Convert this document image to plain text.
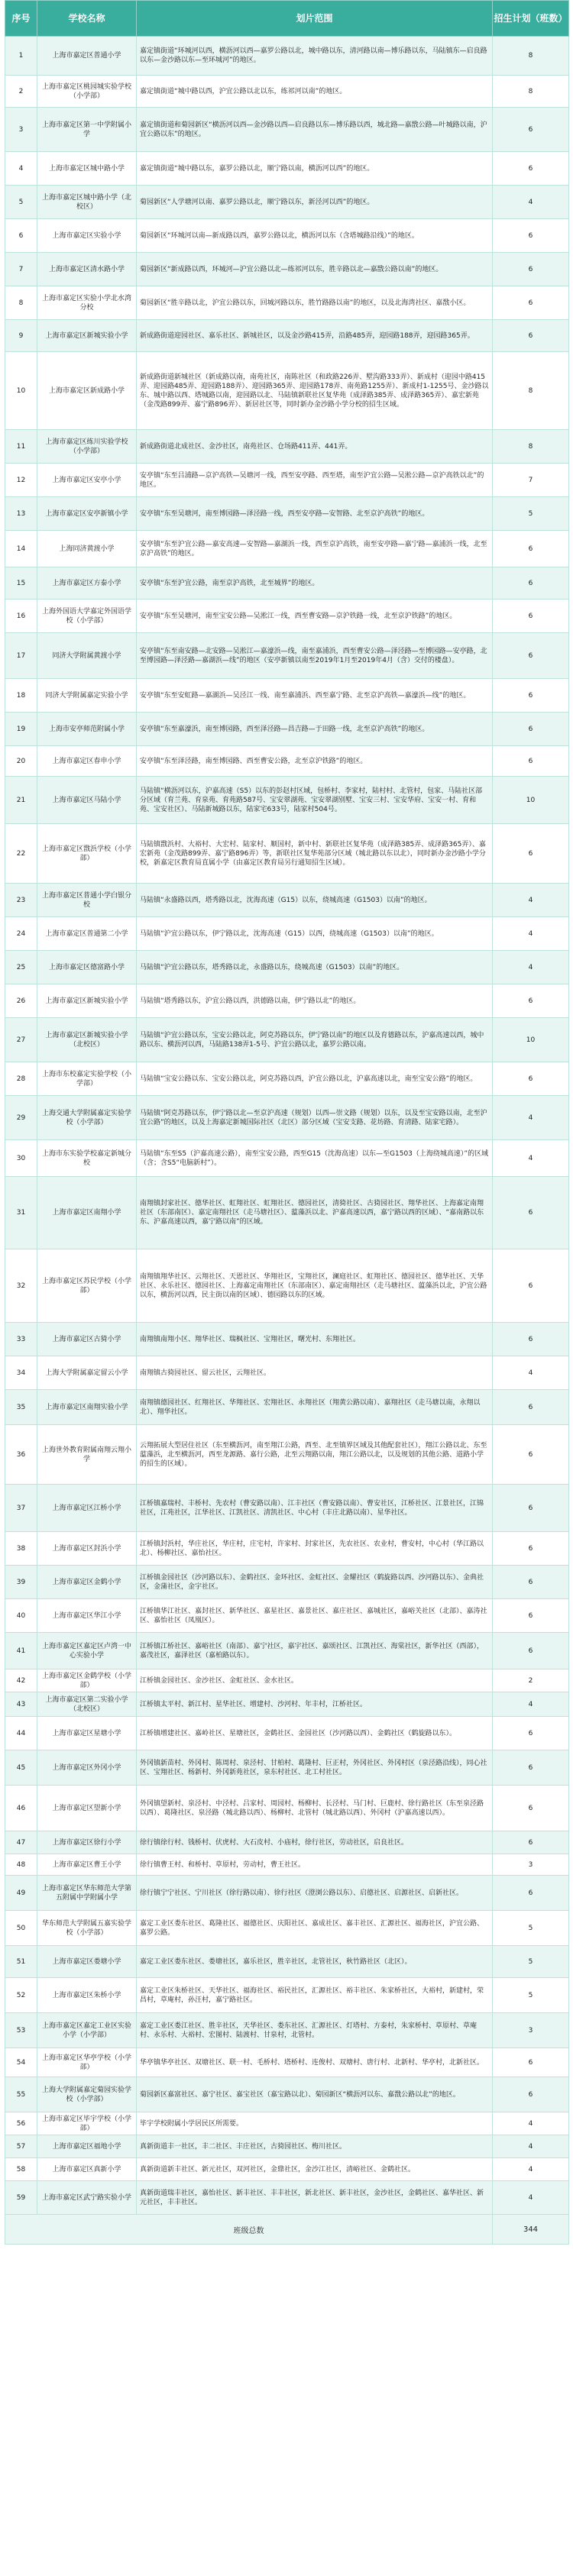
序号	学校名称	划片范围	招生计划（班数）
1	上海市嘉定区普通小学	嘉定镇街道“环城河以西，横沥河以西—嘉罗公路以北，城中路以东，清河路以南—博乐路以东，马陆镇东—启良路以东—金沙路以东—至环城河”的地区。	8
2	上海市嘉定区桃园城实验学校（小学部）	嘉定镇街道“城中路以西，沪宜公路以北以东，练祁河以南”的地区。	8
3	上海市嘉定区第一中学附属小学	嘉定镇街道和菊园新区“横沥河以西—金沙路以西—启良路以东—博乐路以西，城北路—嘉戬公路—叶城路以南，沪宜公路以东”的地区。	6
4	上海市嘉定区城中路小学	嘉定镇街道“城中路以东，嘉罗公路以北，顺宁路以南，横沥河以西”的地区。	6
5	上海市嘉定区城中路小学（北校区）	菊园新区“人学塘河以南、嘉罗公路以北，顺宁路以东，新泾河以西”的地区。	4
6	上海市嘉定区实验小学	菊园新区“环城河以南—新成路以西，嘉罗公路以北，横沥河以东（含塔城路沿线）”的地区。	6
7	上海市嘉定区清水路小学	菊园新区“新成路以西，环城河—沪宜公路以北—练祁河以东，胜辛路以北—嘉戬公路以南”的地区。	6
8	上海市嘉定区实验小学北水湾分校	菊园新区“胜辛路以北，沪宜公路以东，回城河路以东，胜竹路路以南”的地区，以及北海湾社区、嘉戬小区。	6
9	上海市嘉定区新城实验小学	新成路街道迎园社区、嘉乐社区、新城社区，以及金沙路415弄，沿路485弄，迎园路188弄，迎园路365弄。	6
10	上海市嘉定区新成路小学	新成路街道新城社区（新成路以南，南苑社区，南陈社区（和政路226弄、墅沟路333弄）、新成村（迎园中路415弄、迎园路485弄、迎园路188弄）、迎园路365弄、迎园路178弄、南苑路1255弄）、新成村1-1255号、金沙路以东、城中路以西、塔城路以南，迎园路以北、马陆镇新联社区复华苑（成泽路385弄、成泽路365弄）、嘉宏新苑（金茂路899弄、嘉宁路896弄）、新居社区等，同时新办金沙路小学分校的招生区域。	8
11	上海市嘉定区练川实验学校（小学部）	新成路街道北成社区、金沙社区，南苑社区、仓场路411弄、441弄。	8
12	上海市嘉定区安亭小学	安亭镇“东至吕浦路—京沪高铁—吴塘河一线，西至安亭路、西至塔，南至沪宜公路—吴淞公路—京沪高铁以北”的地区。	7
13	上海市嘉定区安亭新镇小学	安亭镇“东至吴塘河，南至博园路—泽泾路一线，西至安亭路—安智路、北至京沪高铁”的地区。	5
14	上海同济黄渡小学	安亭镇“东至沪宜公路—嘉安高速—安智路—嘉湖浜一线，西至京沪高铁，南至安亭路—嘉宁路—嘉浦浜一线，北至京沪高铁”的地区。	6
15	上海市嘉定区方泰小学	安亭镇“东至沪宜公路，南至京沪高铁，北至城界”的地区。	6
16	上海外国语大学嘉定外国语学校（小学部）	安亭镇“东至吴塘河，南至宝安公路—吴淞江一线，西至曹安路—京沪铁路一线，北至京沪铁路”的地区。	6
17	同济大学附属黄渡小学	安亭镇“东至南安路—北安路—吴淞江—嘉濠浜—线，南至嘉浦浜，西至曹安公路—泽泾路—至博园路—安亭路，北至博园路—泽泾路—嘉湖浜—线”的地区（安亭新镇以南至2019年1月至2019年4月（含）交付的楼盘）。	6
18	同济大学附属嘉定实验小学	安亭镇“东至安虹路—嘉湖浜—吴泾江一线、南至嘉浦浜、西至嘉宁路、北至京沪高铁—嘉濠浜—线”的地区。	6
19	上海市安亭师范附属小学	安亭镇“东至嘉濠浜，南至博园路，西至泽泾路—昌吉路—于田路一线，北至京沪高铁”的地区。	6
20	上海市嘉定区春申小学	安亭镇“东至泽泾路，南至博园路、西至曹安公路，北至京沪铁路”的地区。	6
21	上海市嘉定区马陆小学	马陆镇“横沥河以东，沪嘉高速（S5）以东的彭赵村区域，包桥村、李家村，陆村村、北管村，包家、马陆社区部分区域（育兰苑、育泉苑、育苑路587号、宝安翠湖苑、宝安翠湖别墅、宝安三村、宝安华府、宝安一村、育和苑、宝安社区）、马陆新城路以东，陆家宅633号，陆家村504号。	10
22	上海市嘉定区戬浜学校（小学部）	马陆镇戬浜村、大裕村、大宏村、陆家村、顺国村，新中村、新联社区复华苑（成泽路385弄、成泽路365弄）、嘉宏新苑（金茂路899弄、嘉宁路896弄）等，新联社区复华苑部分区域（城北路以东以北），同时新办金沙路小学分校，新嘉定区教育局直属小学（由嘉定区教育局另行通知招生区域）。	6
23	上海市嘉定区普通小学白银分校	马陆镇“永盛路以西，塔秀路以北，沈海高速（G15）以东，绕城高速（G1503）以南”的地区。	4
24	上海市嘉定区普通第二小学	马陆镇“沪宜公路以东，伊宁路以北，沈海高速（G15）以西，绕城高速（G1503）以南”的地区。	4
25	上海市嘉定区德富路小学	马陆镇“沪宜公路以东，塔秀路以北，永盛路以东，绕城高速（G1503）以南”的地区。	4
26	上海市嘉定区新城实验小学	马陆镇“塔秀路以东，沪宜公路以西，洪德路以南，伊宁路以北”的地区。	6
27	上海市嘉定区新城实验小学（北校区）	马陆镇“沪宜公路以东，宝安公路以北，阿克苏路以东，伊宁路以南”的地区以及育德路以东，沪嘉高速以西，城中路以东、横沥河以西，马陆路138弄1-5号、沪宜公路以北，嘉罗公路以南。	10
28	上海市东校嘉定实验学校（小学部）	马陆镇“宝安公路以东、宝安公路以北，阿克苏路以西，沪宜公路以北，沪嘉高速以北，南至宝安公路”的地区。	6
29	上海交通大学附属嘉定实验学校（小学部）	马陆镇“阿克苏路以东，伊宁路以北—至京沪高速（规划）以西—崇文路（规划）以东，以及至宝安路以南，北至沪宜公路”的地区，以及上海嘉定新城国际社区（北区）部分区域（宝安支路、花坊路、育清路、陆家宅路）。	4
30	上海市东实验学校嘉定新城分校	马陆镇“东至S5（沪嘉高速公路），南至宝安公路，西至G15（沈海高速）以东—至G1503（上海绕城高速）”的区域（含；含S5“电脑新村”）。	4
31	上海市嘉定区南翔小学	南翔镇封家社区、德华社区、虹翔社区、虹翔社区、德园社区，清猗社区、古猗园社区、翔华社区、上海嘉定南翔社区（东部南区）、嘉定南翔社区（走马塘社区）、蕰藻浜以北、沪嘉高速以西，嘉宁路以西的区域）、“嘉南路以东东、沪嘉高速以西，嘉宁路以南”的区域。	6
32	上海市嘉定区苏民学校（小学部）	南翔镇翔华社区、云翔社区、天恩社区、华翔社区，宝翔社区，澜庭社区、虹翔社区、德园社区、德华社区、天华社区、永乐社区、德园社区、上海嘉定南翔社区（东部南区）、嘉定南翔社区（走马塘社区、蕰藻浜以北，沪宜公路以东，横沥河以西，民主街以南的区域）、德园路以东的区域。	6
33	上海市嘉定区古猗小学	南翔镇南翔小区、翔华社区、瑞枫社区、宝翔社区，曙光村、东翔社区。	6
34	上海大学附属嘉定留云小学	南翔镇古猗园社区、留云社区，云翔社区。	4
35	上海市嘉定区南翔实验小学	南翔镇德园社区、红翔社区、华翔社区、宏翔社区、永翔社区（翔黄公路以南）、嘉翔社区（走马塘以南，永翔以北）、翔华社区。	6
36	上海世外教育附属南翔云翔小学	云翔拓展大型居住社区（东至横沥河，南至翔江公路，西至、北至镇界区域及其他配套社区），翔江公路以北、东至蕰藻浜，北至横沥河，西至龙源路、嘉行公路，北至云翔路以南，翔江公路以北，以及规划的其他公路、道路小学的招生的区域）。	6
37	上海市嘉定区江桥小学	江桥镇嘉瑞村、丰桥村、先农村（曹安路以南）、江丰社区（曹安路以南）、曹安社区，江桥社区、江景社区，江锦社区，江苑社区，江华社区、江凯社区、清凯社区、中心村（丰庄北路以南）、星华社区。	6
38	上海市嘉定区封浜小学	江桥镇封浜村，华庄社区，华庄村，庄宅村，许家村、封家社区，先农社区、农业村，曹安村，中心村（华江路以北）、杨柳社区、嘉怡社区。	6
39	上海市嘉定区金鹤小学	江桥镇金园社区（沙河路以东）、金鹤社区、金环社区、金虹社区、金耀社区（鹤旋路以西、沙河路以东）、金典社区，金蒲社区，金宇社区。	6
40	上海市嘉定区华江小学	江桥镇华江社区、嘉封社区、新华社区、嘉星社区、嘉景社区、嘉庄社区、嘉城社区，嘉峪关社区（北部）、嘉涛社区、嘉怡社区（凤凰区）。	6
41	上海市嘉定区嘉定区卢湾一中心实验小学	江桥镇江桥社区、嘉峪社区（南部）、嘉宁社区，嘉宇社区、嘉颂社区、江凯社区、海棠社区，新华社区（西部），嘉茂社区，嘉泽社区（嘉柏路以东）。	6
42	上海市嘉定区金鹤学校（小学部）	江桥镇金园社区、金沙社区、金虹社区、金水社区。	2
43	上海市嘉定区第二实验小学（北校区）	江桥镇太平村、新江村、星华社区、增建村、沙河村、年丰村，江桥社区。	4
44	上海市嘉定区星塘小学	江桥镇增建社区、嘉岭社区、星塘社区，金鹤社区、金园社区（沙河路以西）、金鹤社区（鹤旋路以东）。	6
45	上海市嘉定区外冈小学	外冈镇新苗村、外冈村、陈周村、泉泾村、甘柏村、葛隆村、巨正村，外冈社区、外冈村区（泉泾路沿线），同心社区、宝翔社区、杨新村、外冈新苑社区，泉东村社区、北工村社区。	6
46	上海市嘉定区望新小学	外冈镇望新村、泉泾村、中泾村、吕家村、周园村、杨柳村、长泾村、马门村、巨鹿村、徐行路社区（东至泉泾路以西）、葛隆社区、泉泾路（城北路以西）、杨柳村、北管村（城北路以西）、外冈村（沪嘉高速以西）。	6
47	上海市嘉定区徐行小学	徐行镇徐行村、钱桥村、伏虎村、大石皮村、小庙村，徐行社区，劳动社区，启良社区。	6
48	上海市嘉定区曹王小学	徐行镇曹王村、和桥村、草原村，劳动村，曹王社区。	3
49	上海市嘉定区华东师范大学第五附属中学附属小学	徐行镇宁宁社区、宁川社区（徐行路以南）、徐行社区（澄浏公路以东）、启德社区、启源社区、启新社区。	6
50	华东师范大学附属五嘉实验学校（小学部）	嘉定工业区娄东社区、葛隆社区、福德社区、庆阳社区、嘉成社区、嘉丰社区、汇源社区、福海社区，沪宜公路、嘉罗公路。	5
51	上海市嘉定区娄塘小学	嘉定工业区娄东社区、娄塘社区，嘉乐社区，胜辛社区，北管社区，秋竹路社区（北区）。	5
52	上海市嘉定区朱桥小学	嘉定工业区朱桥社区、天华社区、福海社区、裕民社区，汇源社区、裕丰社区、朱家桥社区，大裕村，新建村，荣昌村，草庵村，孙汪村，嘉宁路社区。	5
53	上海市嘉定区嘉定工业区实验小学（小学部）	嘉定工业区娄江社区、胜辛社区，天华社区、娄东社区、汇源社区、灯塔村、方泰村，朱家桥村、草原村、草庵村、永乐村、大裕村、宏图村、陆渡村、甘泉村，北管村。	3
54	上海市嘉定区华亭学校（小学部）	华亭镇华亭社区、双塘社区、联一村、毛桥村、塔桥村、连俊村、双塘村、唐行村、北新村、华亭村，北新社区。	6
55	上海大学附属嘉定菊园实验学校（小学部）	菊园新区嘉富社区、嘉宁社区、嘉宝社区（嘉宝路以北）、菊园新区“横沥河以东、嘉戬公路以北”的地区。	6
56	上海市嘉定区毕宇学校（小学部）	毕宇学校附属小学居民区所需要。	4
57	上海市嘉定区福地小学	真新街道丰一社区，丰二社区、丰庄社区，古猗园社区、梅川社区。	4
58	上海市嘉定区真新小学	真新街道新丰社区、新元社区，双河社区，金鼎社区，金沙江社区，清峪社区、金鹤社区。	4
59	上海市嘉定区武宁路实验小学	真新街道瑞丰社区，嘉怡社区、新丰社区、丰丰社区，新北社区、新丰社区，金沙社区，金鹤社区、嘉华社区、新元社区，丰丰社区。	4
班级总数			344
